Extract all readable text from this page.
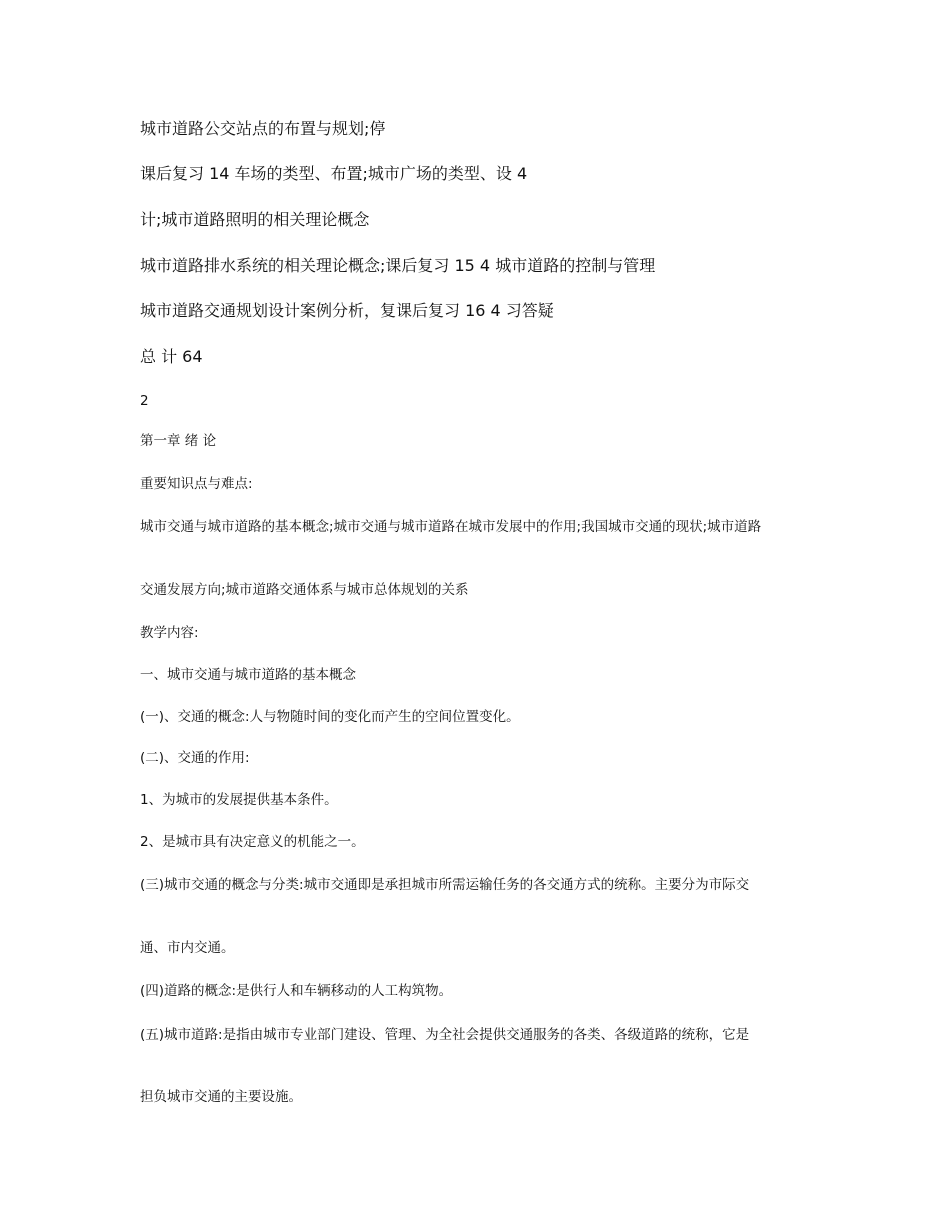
城市道路公交站点的布置与规划;停
课后复习 14 车场的类型、布置;城市广场的类型、设 4
计;城市道路照明的相关理论概念
城市道路排水系统的相关理论概念;课后复习 15 4 城市道路的控制与管理
城市道路交通规划设计案例分析，复课后复习 16 4 习答疑
总 计 64
2
第一章 绪 论
重要知识点与难点:
城市交通与城市道路的基本概念;城市交通与城市道路在城市发展中的作用;我国城市交通的现状;城市道路
交通发展方向;城市道路交通体系与城市总体规划的关系
教学内容:
一、城市交通与城市道路的基本概念
(一)、交通的概念:人与物随时间的变化而产生的空间位置变化。
(二)、交通的作用:
1、为城市的发展提供基本条件。
2、是城市具有决定意义的机能之一。
(三)城市交通的概念与分类:城市交通即是承担城市所需运输任务的各交通方式的统称。主要分为市际交
通、市内交通。
(四)道路的概念:是供行人和车辆移动的人工构筑物。
(五)城市道路:是指由城市专业部门建设、管理、为全社会提供交通服务的各类、各级道路的统称，它是
担负城市交通的主要设施。
